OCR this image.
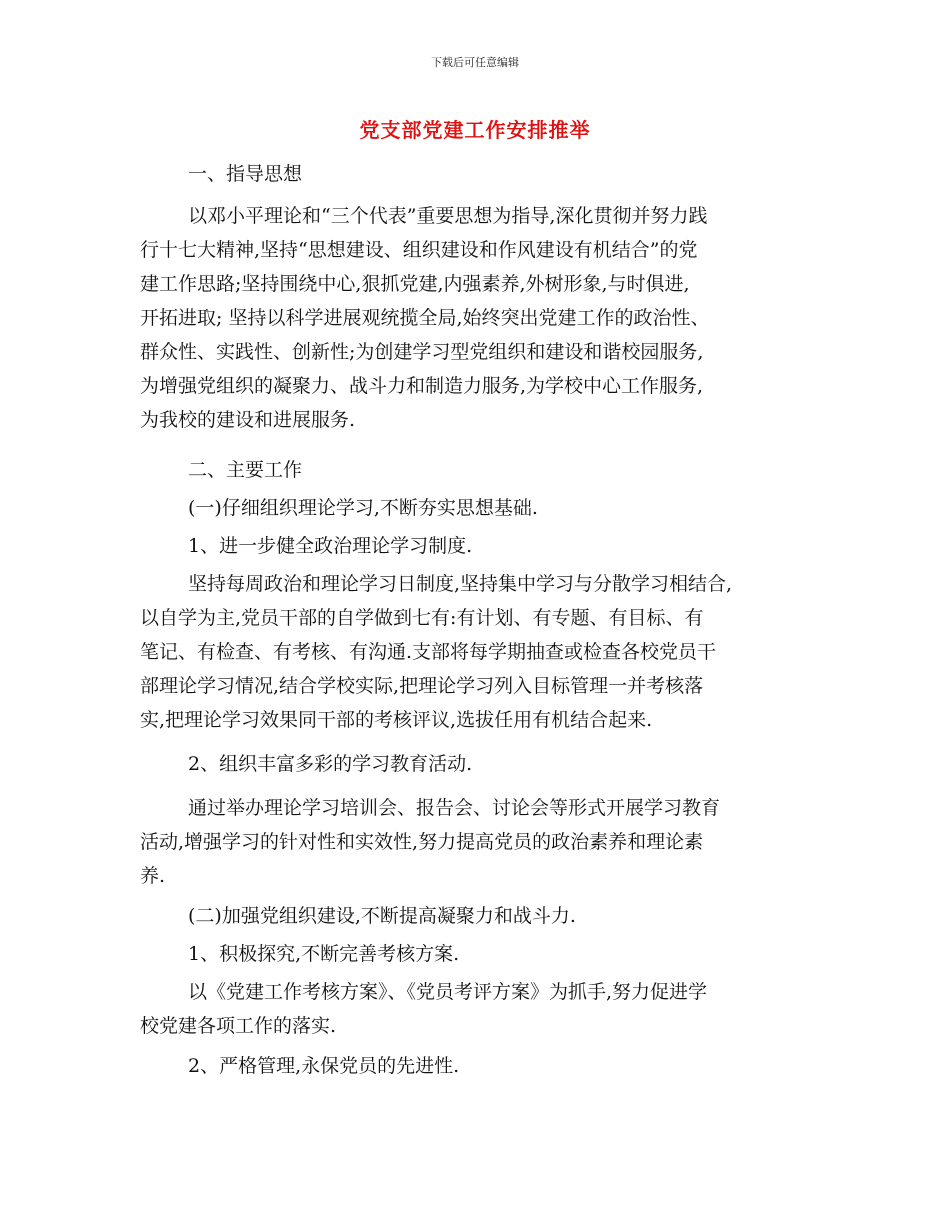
下载后可任意编辑
党支部党建工作安排推举
一、指导思想
以邓小平理论和“三个代表”重要思想为指导,深化贯彻并努力践
行十七大精神,坚持“思想建设、组织建设和作风建设有机结合”的党
建工作思路;坚持围绕中心,狠抓党建,内强素养,外树形象,与时俱进,
开拓进取; 坚持以科学进展观统揽全局,始终突出党建工作的政治性、
群众性、实践性、创新性;为创建学习型党组织和建设和谐校园服务,
为增强党组织的凝聚力、战斗力和制造力服务,为学校中心工作服务,
为我校的建设和进展服务.
二、主要工作
(一)仔细组织理论学习,不断夯实思想基础.
1、进一步健全政治理论学习制度.
坚持每周政治和理论学习日制度,坚持集中学习与分散学习相结合,
以自学为主,党员干部的自学做到七有:有计划、有专题、有目标、有
笔记、有检查、有考核、有沟通.支部将每学期抽查或检查各校党员干
部理论学习情况,结合学校实际,把理论学习列入目标管理一并考核落
实,把理论学习效果同干部的考核评议,选拔任用有机结合起来.
2、组织丰富多彩的学习教育活动.
通过举办理论学习培训会、报告会、讨论会等形式开展学习教育
活动,增强学习的针对性和实效性,努力提高党员的政治素养和理论素
养.
(二)加强党组织建设,不断提高凝聚力和战斗力.
1、积极探究,不断完善考核方案.
以《党建工作考核方案》、《党员考评方案》为抓手,努力促进学
校党建各项工作的落实.
2、严格管理,永保党员的先进性.
